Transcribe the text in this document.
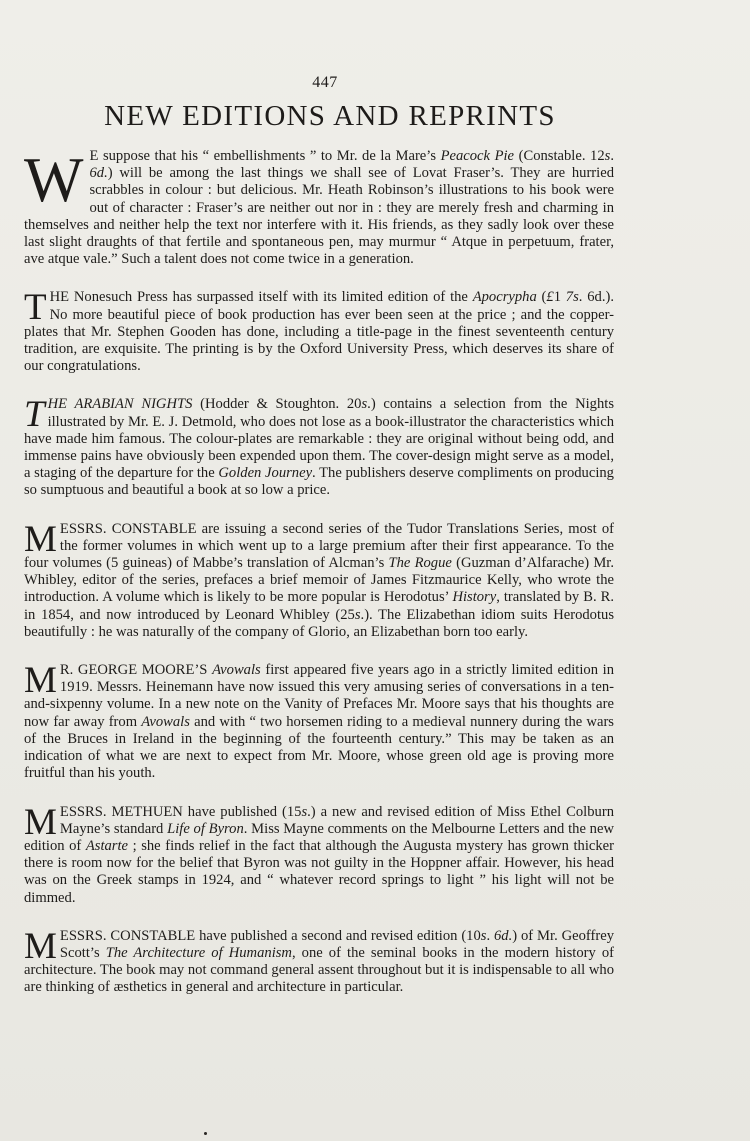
447
NEW EDITIONS AND REPRINTS

W E suppose that his “ embellishments ” to Mr. de la Mare’s Peacock Pie (Constable. 12s. 6d.) will be among the last things we shall see of Lovat Fraser’s. They are hurried scrabbles in colour : but delicious. Mr. Heath Robinson’s illustrations to his book were out of character : Fraser’s are neither out nor in : they are merely fresh and charming in themselves and neither help the text nor interfere with it. His friends, as they sadly look over these last slight draughts of that fertile and spontaneous pen, may murmur “ Atque in perpetuum, frater, ave atque vale.” Such a talent does not come twice in a generation.

T HE Nonesuch Press has surpassed itself with its limited edition of the Apocrypha (£1 7s. 6d.). No more beautiful piece of book production has ever been seen at the price ; and the copper-plates that Mr. Stephen Gooden has done, including a title-page in the finest seventeenth century tradition, are exquisite. The printing is by the Oxford University Press, which deserves its share of our congratulations.

T HE ARABIAN NIGHTS (Hodder & Stoughton. 20s.) contains a selection from the Nights illustrated by Mr. E. J. Detmold, who does not lose as a book-illustrator the characteristics which have made him famous. The colour-plates are remarkable : they are original without being odd, and immense pains have obviously been expended upon them. The cover-design might serve as a model, a staging of the departure for the Golden Journey. The publishers deserve compliments on producing so sumptuous and beautiful a book at so low a price.

M ESSRS. CONSTABLE are issuing a second series of the Tudor Translations Series, most of the former volumes in which went up to a large premium after their first appearance. To the four volumes (5 guineas) of Mabbe’s translation of Alcman’s The Rogue (Guzman d’Alfarache) Mr. Whibley, editor of the series, prefaces a brief memoir of James Fitzmaurice Kelly, who wrote the introduction. A volume which is likely to be more popular is Herodotus’ History, translated by B. R. in 1854, and now introduced by Leonard Whibley (25s.). The Elizabethan idiom suits Herodotus beautifully : he was naturally of the company of Glorio, an Elizabethan born too early.

M R. GEORGE MOORE’S Avowals first appeared five years ago in a strictly limited edition in 1919. Messrs. Heinemann have now issued this very amusing series of conversations in a ten-and-sixpenny volume. In a new note on the Vanity of Prefaces Mr. Moore says that his thoughts are now far away from Avowals and with “ two horsemen riding to a medieval nunnery during the wars of the Bruces in Ireland in the beginning of the fourteenth century.” This may be taken as an indication of what we are next to expect from Mr. Moore, whose green old age is proving more fruitful than his youth.

M ESSRS. METHUEN have published (15s.) a new and revised edition of Miss Ethel Colburn Mayne’s standard Life of Byron. Miss Mayne comments on the Melbourne Letters and the new edition of Astarte ; she finds relief in the fact that although the Augusta mystery has grown thicker there is room now for the belief that Byron was not guilty in the Hoppner affair. However, his head was on the Greek stamps in 1924, and “ whatever record springs to light ” his light will not be dimmed.

M ESSRS. CONSTABLE have published a second and revised edition (10s. 6d.) of Mr. Geoffrey Scott’s The Architecture of Humanism, one of the seminal books in the modern history of architecture. The book may not command general assent throughout but it is indispensable to all who are thinking of æsthetics in general and architecture in particular.
